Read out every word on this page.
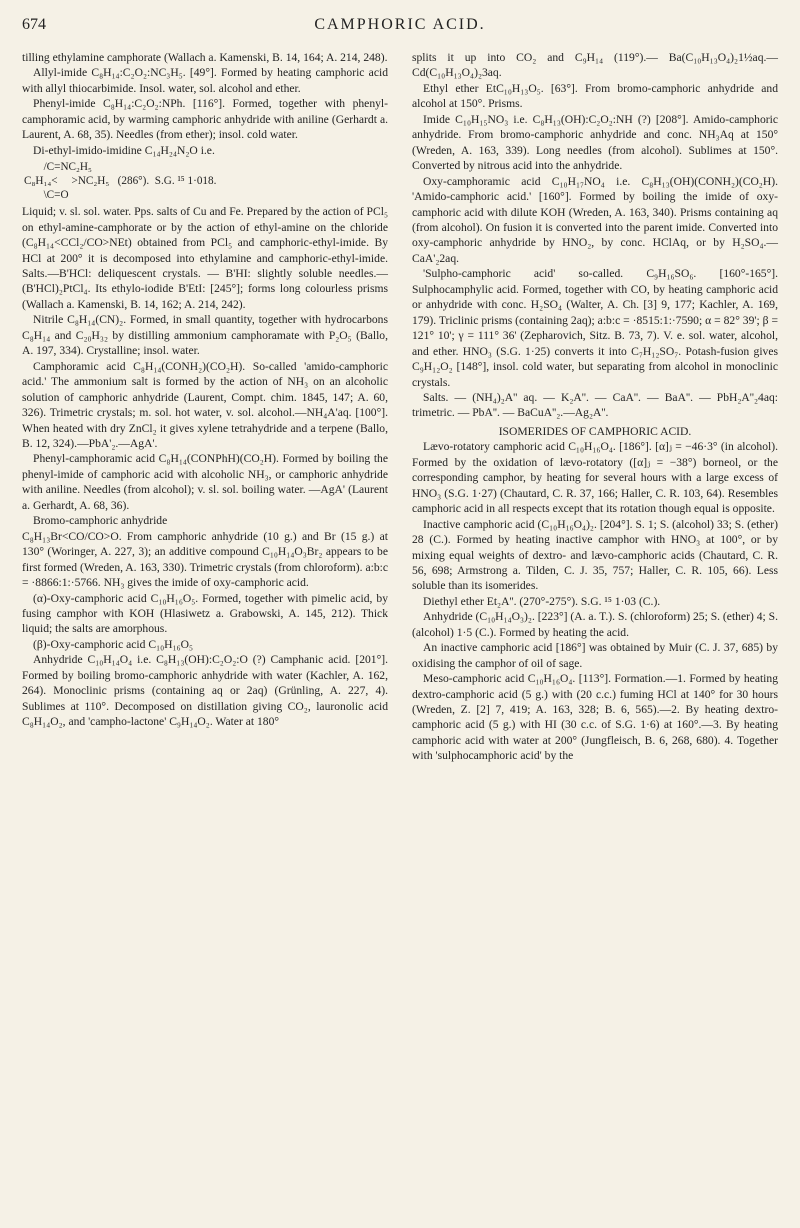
674	CAMPHORIC ACID.

tilling ethylamine camphorate (Wallach a. Kamenski, B. 14, 164; A. 214, 248).

Allyl-imide C₈H₁₄:C₂O₂:NC₃H₅. [49°]. Formed by heating camphoric acid with allyl thiocarbimide. Insol. water, sol. alcohol and ether.

Phenyl-imide C₈H₁₄:C₂O₂:NPh. [116°]. Formed, together with phenyl-camphoramic acid, by warming camphoric anhydride with aniline (Gerhardt a. Laurent, A. 68, 35). Needles (from ether); insol. cold water.

Di-ethyl-imido-imidine C₁₄H₂₄N₂O i.e.

/C=NC₂H₅
C₈H₁₄<     >NC₂H₅   (286°).  S.G. ¹⁵ 1·018.
\C=O

Liquid; v. sl. sol. water. Pps. salts of Cu and Fe. Prepared by the action of PCl₅ on ethyl-amine-camphorate or by the action of ethyl-amine on the chloride (C₈H₁₄<CCl₂/CO>NEt) obtained from PCl₅ and camphoric-ethyl-imide. By HCl at 200° it is decomposed into ethylamine and camphoric-ethyl-imide. Salts.—B'HCl: deliquescent crystals. — B'HI: slightly soluble needles.—(B'HCl)₂PtCl₄. Its ethylo-iodide B'EtI: [245°]; forms long colourless prisms (Wallach a. Kamenski, B. 14, 162; A. 214, 242).

Nitrile C₈H₁₄(CN)₂. Formed, in small quantity, together with hydrocarbons C₈H₁₄ and C₂₀H₃₂ by distilling ammonium camphoramate with P₂O₅ (Ballo, A. 197, 334). Crystalline; insol. water.

Camphoramic acid C₈H₁₄(CONH₂)(CO₂H). So-called 'amido-camphoric acid.' The ammonium salt is formed by the action of NH₃ on an alcoholic solution of camphoric anhydride (Laurent, Compt. chim. 1845, 147; A. 60, 326). Trimetric crystals; m. sol. hot water, v. sol. alcohol.—NH₄A'aq. [100°]. When heated with dry ZnCl₂ it gives xylene tetrahydride and a terpene (Ballo, B. 12, 324).—PbA'₂.—AgA'.

Phenyl-camphoramic acid C₈H₁₄(CONPhH)(CO₂H). Formed by boiling the phenyl-imide of camphoric acid with alcoholic NH₃, or camphoric anhydride with aniline. Needles (from alcohol); v. sl. sol. boiling water. —AgA' (Laurent a. Gerhardt, A. 68, 36).

Bromo-camphoric anhydride

C₈H₁₃Br<CO/CO>O. From camphoric anhydride (10 g.) and Br (15 g.) at 130° (Woringer, A. 227, 3); an additive compound C₁₀H₁₄O₃Br₂ appears to be first formed (Wreden, A. 163, 330). Trimetric crystals (from chloroform). a:b:c = ·8866:1:·5766. NH₃ gives the imide of oxy-camphoric acid.

(α)-Oxy-camphoric acid C₁₀H₁₆O₅. Formed, together with pimelic acid, by fusing camphor with KOH (Hlasiwetz a. Grabowski, A. 145, 212). Thick liquid; the salts are amorphous.

(β)-Oxy-camphoric acid C₁₀H₁₆O₅

Anhydride C₁₀H₁₄O₄ i.e. C₈H₁₃(OH):C₂O₂:O (?) Camphanic acid. [201°]. Formed by boiling bromo-camphoric anhydride with water (Kachler, A. 162, 264). Monoclinic prisms (containing aq or 2aq) (Grünling, A. 227, 4). Sublimes at 110°. Decomposed on distillation giving CO₂, lauronolic acid C₈H₁₄O₂, and 'campho-lactone' C₉H₁₄O₂. Water at 180°

splits it up into CO₂ and C₉H₁₄ (119°).— Ba(C₁₀H₁₃O₄)₂1½aq.—Cd(C₁₀H₁₃O₄)₂3aq.

Ethyl ether EtC₁₀H₁₃O₅. [63°]. From bromo-camphoric anhydride and alcohol at 150°. Prisms.

Imide C₁₀H₁₅NO₃ i.e. C₈H₁₃(OH):C₂O₂:NH (?) [208°]. Amido-camphoric anhydride. From bromo-camphoric anhydride and conc. NH₃Aq at 150° (Wreden, A. 163, 339). Long needles (from alcohol). Sublimes at 150°. Converted by nitrous acid into the anhydride.

Oxy-camphoramic acid C₁₀H₁₇NO₄ i.e. C₈H₁₃(OH)(CONH₂)(CO₂H). 'Amido-camphoric acid.' [160°]. Formed by boiling the imide of oxy-camphoric acid with dilute KOH (Wreden, A. 163, 340). Prisms containing aq (from alcohol). On fusion it is converted into the parent imide. Converted into oxy-camphoric anhydride by HNO₂, by conc. HClAq, or by H₂SO₄.— CaA'₂2aq.

'Sulpho-camphoric acid' so-called. C₉H₁₆SO₆. [160°-165°]. Sulphocamphylic acid. Formed, together with CO, by heating camphoric acid or anhydride with conc. H₂SO₄ (Walter, A. Ch. [3] 9, 177; Kachler, A. 169, 179). Triclinic prisms (containing 2aq); a:b:c = ·8515:1:·7590; α = 82° 39'; β = 121° 10'; γ = 111° 36' (Zepharovich, Sitz. B. 73, 7). V. e. sol. water, alcohol, and ether. HNO₃ (S.G. 1·25) converts it into C₇H₁₂SO₇. Potash-fusion gives C₉H₁₂O₂ [148°], insol. cold water, but separating from alcohol in monoclinic crystals.

Salts. — (NH₄)₂A'' aq. — K₂A''. — CaA''. — BaA''. — PbH₂A''₂4aq: trimetric. — PbA''. — BaCuA''₂.—Ag₂A''.

ISOMERIDES OF CAMPHORIC ACID.

Lævo-rotatory camphoric acid C₁₀H₁₆O₄. [186°]. [α]ⱼ = −46·3° (in alcohol). Formed by the oxidation of lævo-rotatory ([α]ⱼ = −38°) borneol, or the corresponding camphor, by heating for several hours with a large excess of HNO₃ (S.G. 1·27) (Chautard, C. R. 37, 166; Haller, C. R. 103, 64). Resembles camphoric acid in all respects except that its rotation though equal is opposite.

Inactive camphoric acid (C₁₀H₁₆O₄)₂. [204°]. S. 1; S. (alcohol) 33; S. (ether) 28 (C.). Formed by heating inactive camphor with HNO₃ at 100°, or by mixing equal weights of dextro- and lævo-camphoric acids (Chautard, C. R. 56, 698; Armstrong a. Tilden, C. J. 35, 757; Haller, C. R. 105, 66). Less soluble than its isomerides.

Diethyl ether Et₂A''. (270°-275°). S.G. ¹⁵ 1·03 (C.).

Anhydride (C₁₀H₁₄O₃)₂. [223°] (A. a. T.). S. (chloroform) 25; S. (ether) 4; S. (alcohol) 1·5 (C.). Formed by heating the acid.

An inactive camphoric acid [186°] was obtained by Muir (C. J. 37, 685) by oxidising the camphor of oil of sage.

Meso-camphoric acid C₁₀H₁₆O₄. [113°]. Formation.—1. Formed by heating dextro-camphoric acid (5 g.) with (20 c.c.) fuming HCl at 140° for 30 hours (Wreden, Z. [2] 7, 419; A. 163, 328; B. 6, 565).—2. By heating dextro-camphoric acid (5 g.) with HI (30 c.c. of S.G. 1·6) at 160°.—3. By heating camphoric acid with water at 200° (Jungfleisch, B. 6, 268, 680). 4. Together with 'sulphocamphoric acid' by the
